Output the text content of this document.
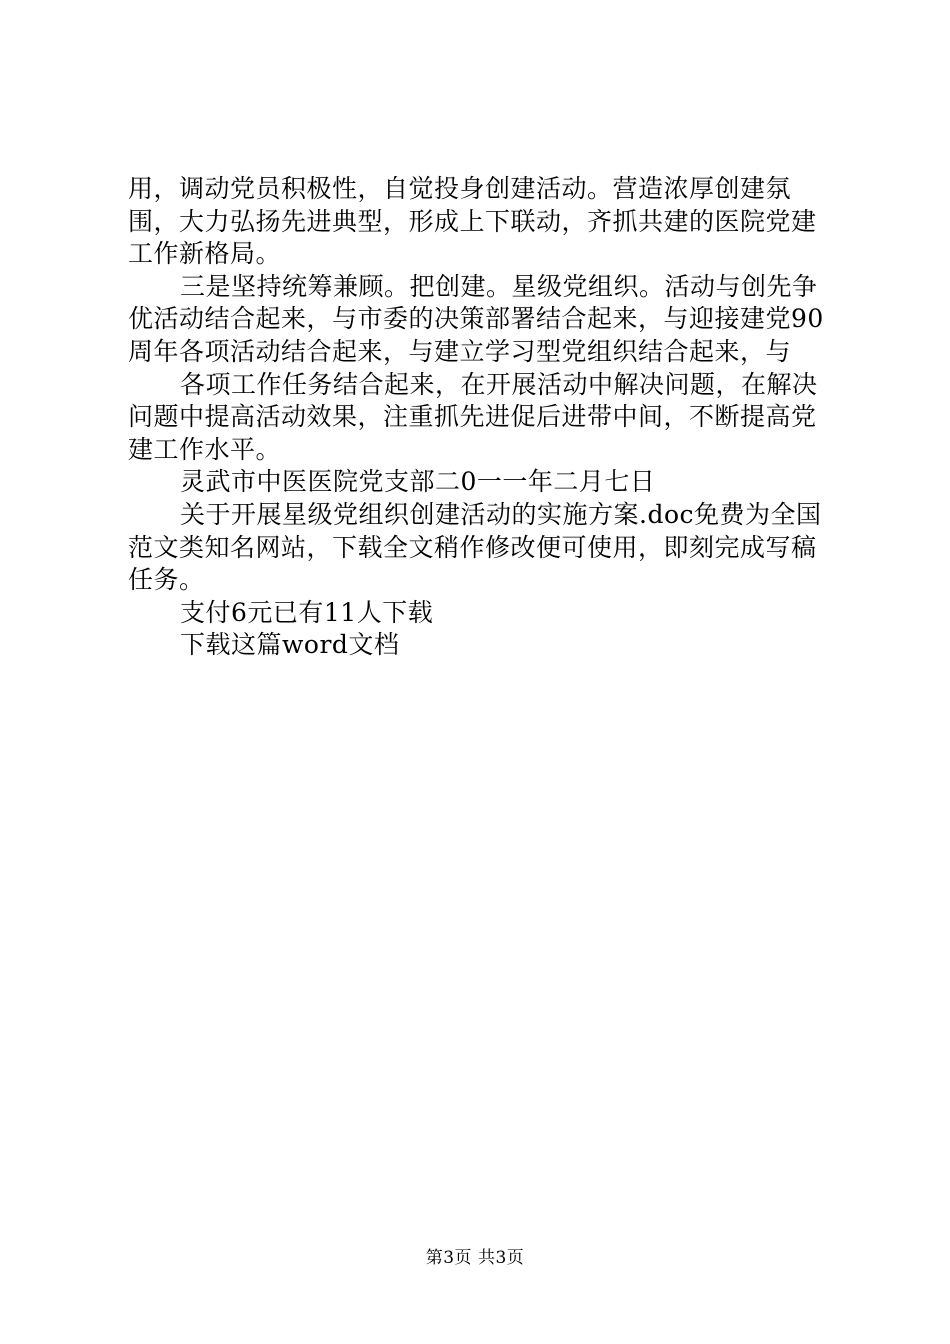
用，调动党员积极性，自觉投身创建活动。营造浓厚创建氛围，大力弘扬先进典型，形成上下联动，齐抓共建的医院党建工作新格局。

三是坚持统筹兼顾。把创建。星级党组织。活动与创先争优活动结合起来，与市委的决策部署结合起来，与迎接建党90周年各项活动结合起来，与建立学习型党组织结合起来，与

各项工作任务结合起来，在开展活动中解决问题，在解决问题中提高活动效果，注重抓先进促后进带中间，不断提高党建工作水平。

灵武市中医医院党支部二0一一年二月七日

关于开展星级党组织创建活动的实施方案.doc免费为全国范文类知名网站，下载全文稍作修改便可使用，即刻完成写稿任务。

支付6元已有11人下载

下载这篇word文档

第3页 共3页
